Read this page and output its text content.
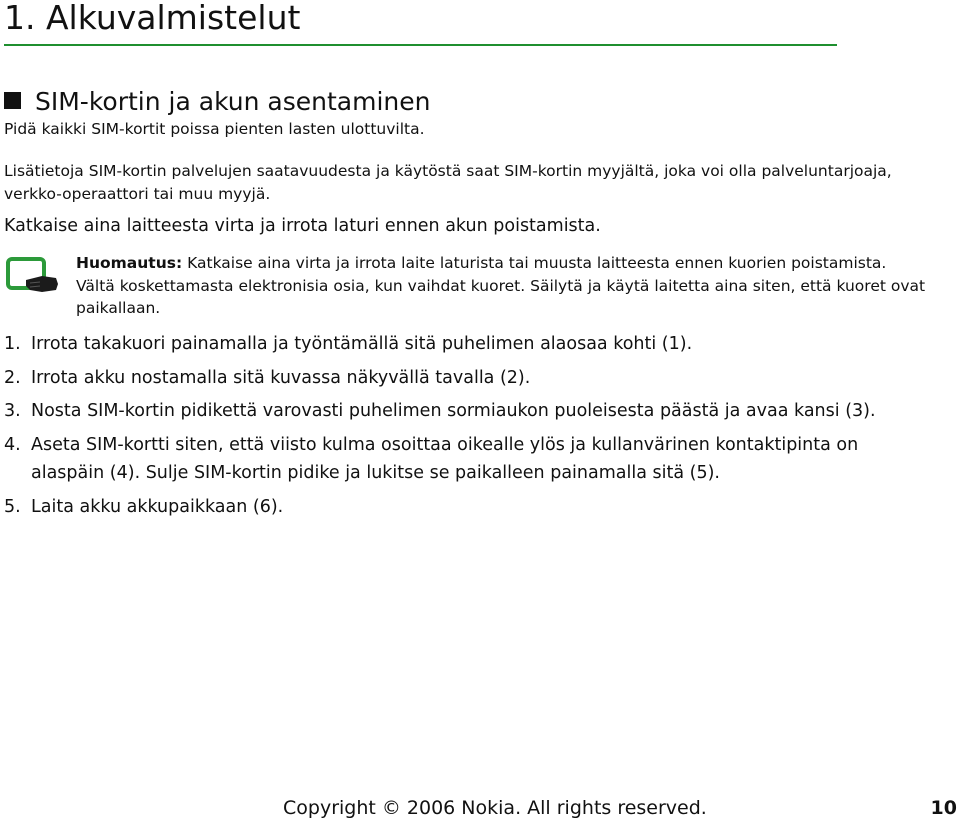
1. Alkuvalmistelut
SIM-kortin ja akun asentaminen
Pidä kaikki SIM-kortit poissa pienten lasten ulottuvilta.
Lisätietoja SIM-kortin palvelujen saatavuudesta ja käytöstä saat SIM-kortin myyjältä, joka voi olla palveluntarjoaja,
verkko-operaattori tai muu myyjä.
Katkaise aina laitteesta virta ja irrota laturi ennen akun poistamista.
Huomautus: Katkaise aina virta ja irrota laite laturista tai muusta laitteesta ennen kuorien poistamista.
Vältä koskettamasta elektronisia osia, kun vaihdat kuoret. Säilytä ja käytä laitetta aina siten, että kuoret ovat
paikallaan.
1. Irrota takakuori painamalla ja työntämällä sitä puhelimen alaosaa kohti (1).
2. Irrota akku nostamalla sitä kuvassa näkyvällä tavalla (2).
3. Nosta SIM-kortin pidikettä varovasti puhelimen sormiaukon puoleisesta päästä ja avaa kansi (3).
4. Aseta SIM-kortti siten, että viisto kulma osoittaa oikealle ylös ja kullanvärinen kontaktipinta on
alaspäin (4). Sulje SIM-kortin pidike ja lukitse se paikalleen painamalla sitä (5).
5. Laita akku akkupaikkaan (6).
Copyright © 2006 Nokia. All rights reserved.	10
